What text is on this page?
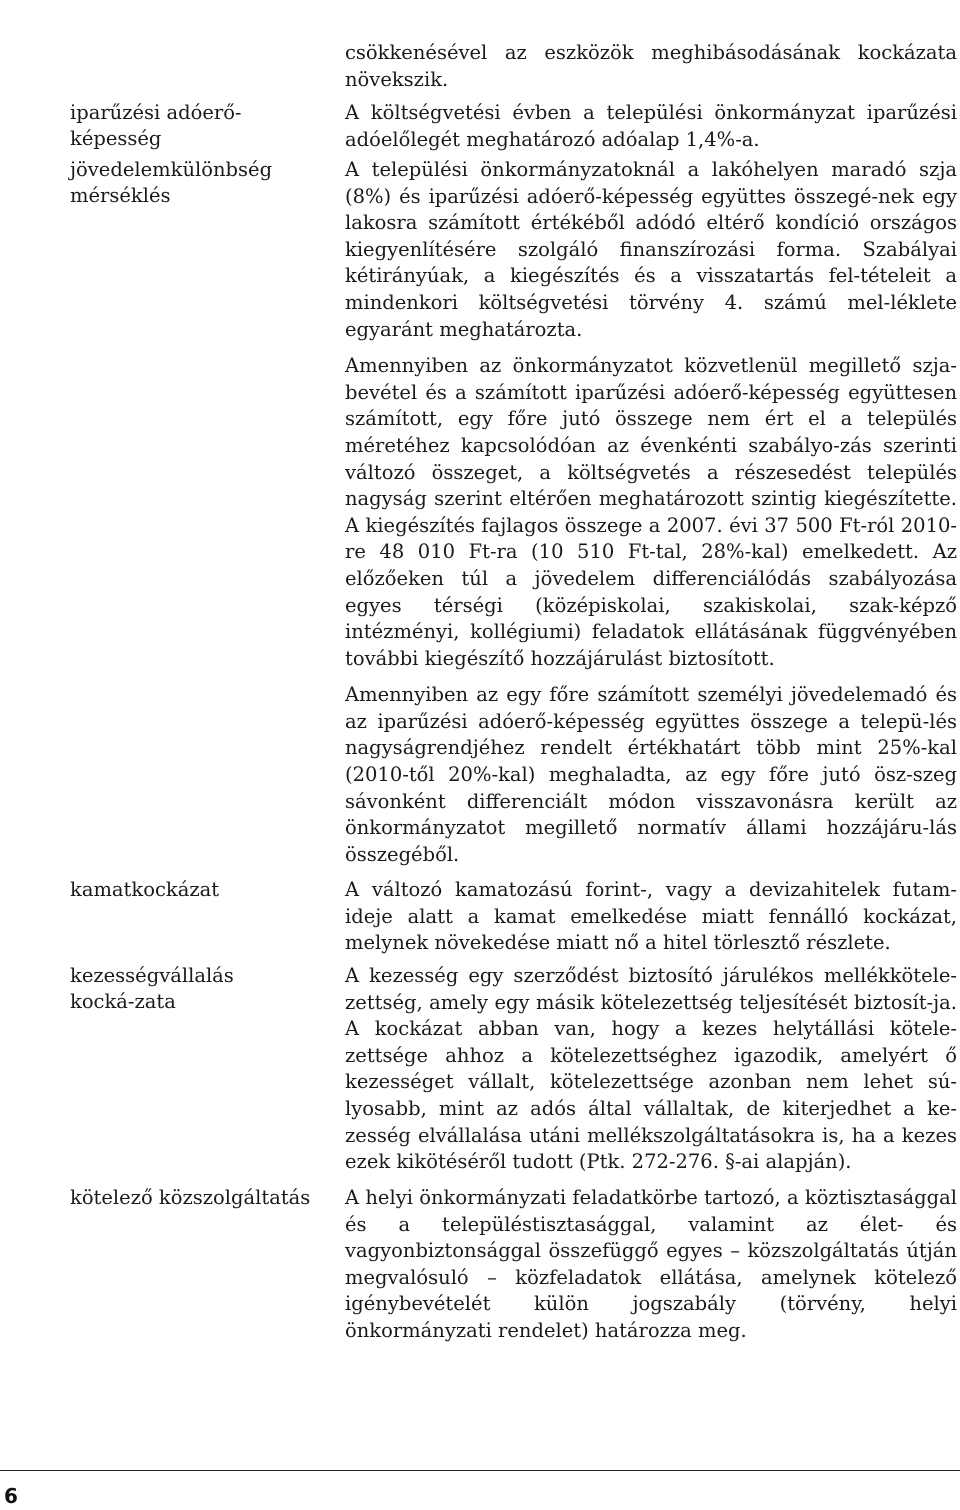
csökkenésével az eszközök meghibásodásának kockázata növekszik.

iparűzési adóerő-képesség

A költségvetési évben a települési önkormányzat iparűzési adóelőlegét meghatározó adóalap 1,4%-a.

jövedelemkülönbség mérséklés

A települési önkormányzatoknál a lakóhelyen maradó szja (8%) és iparűzési adóerő-képesség együttes összegé-nek egy lakosra számított értékéből adódó eltérő kondíció országos kiegyenlítésére szolgáló finanszírozási forma. Szabályai kétirányúak, a kiegészítés és a visszatartás fel-tételeit a mindenkori költségvetési törvény 4. számú mel-léklete egyaránt meghatározta.

Amennyiben az önkormányzatot közvetlenül megillető szja-bevétel és a számított iparűzési adóerő-képesség együttesen számított, egy főre jutó összege nem ért el a település méretéhez kapcsolódóan az évenkénti szabályo-zás szerinti változó összeget, a költségvetés a részesedést település nagyság szerint eltérően meghatározott szintig kiegészítette. A kiegészítés fajlagos összege a 2007. évi 37 500 Ft-ról 2010-re 48 010 Ft-ra (10 510 Ft-tal, 28%-kal) emelkedett. Az előzőeken túl a jövedelem differenciálódás szabályozása egyes térségi (középiskolai, szakiskolai, szak-képző intézményi, kollégiumi) feladatok ellátásának függvényében további kiegészítő hozzájárulást biztosított.

Amennyiben az egy főre számított személyi jövedelemadó és az iparűzési adóerő-képesség együttes összege a telepü-lés nagyságrendjéhez rendelt értékhatárt több mint 25%-kal (2010-től 20%-kal) meghaladta, az egy főre jutó ösz-szeg sávonként differenciált módon visszavonásra került az önkormányzatot megillető normatív állami hozzájáru-lás összegéből.

kamatkockázat	A változó kamatozású forint-, vagy a devizahitelek futam-ideje alatt a kamat emelkedése miatt fennálló kockázat, melynek növekedése miatt nő a hitel törlesztő részlete.

kezességvállalás kocká-zata

A kezesség egy szerződést biztosító járulékos mellékkötele-zettség, amely egy másik kötelezettség teljesítését biztosít-ja. A kockázat abban van, hogy a kezes helytállási kötele-zettsége ahhoz a kötelezettséghez igazodik, amelyért ő kezességet vállalt, kötelezettsége azonban nem lehet sú-lyosabb, mint az adós által vállaltak, de kiterjedhet a ke-zesség elvállalása utáni mellékszolgáltatásokra is, ha a kezes ezek kikötéséről tudott (Ptk. 272-276. §-ai alapján).

kötelező közszolgáltatás	A helyi önkormányzati feladatkörbe tartozó, a köztisztasággal és a településtisztasággal, valamint az élet- és vagyonbiztonsággal összefüggő egyes – közszolgáltatás útján megvalósuló – közfeladatok ellátása, amelynek kötelező igénybevételét külön jogszabály (törvény, helyi önkormányzati rendelet) határozza meg.

6
